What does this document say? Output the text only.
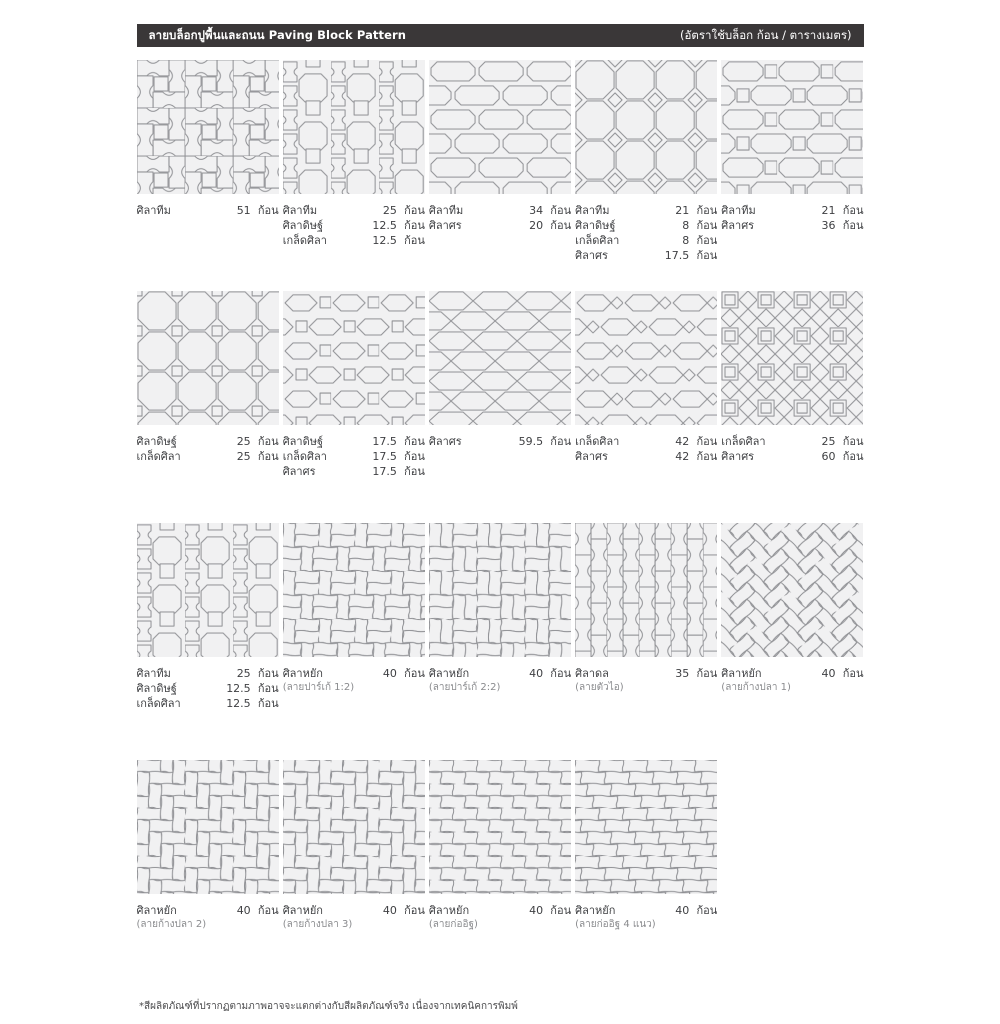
ลายบล็อกปูพื้นและถนน Paving Block Pattern	(อัตราใช้บล็อก ก้อน / ตารางเมตร)
ศิลาทีม	51 ก้อน ศิลาทีม	25 ก้อน
ศิลาดิษฐ์	12.5 ก้อน
เกล็ดศิลา	12.5 ก้อน
ศิลาทีม	34 ก้อน
ศิลาศร	20 ก้อน
ศิลาทีม	21 ก้อน
ศิลาดิษฐ์	8 ก้อน
เกล็ดศิลา	8 ก้อน
ศิลาศร	17.5 ก้อน
ศิลาทีม	21 ก้อน
ศิลาศร	36 ก้อน
ศิลาดิษฐ์	25 ก้อน
เกล็ดศิลา	25 ก้อน
ศิลาดิษฐ์	17.5 ก้อน
เกล็ดศิลา	17.5 ก้อน
ศิลาศร	17.5 ก้อน
ศิลาศร	59.5 ก้อน เกล็ดศิลา	42 ก้อน
ศิลาศร	42 ก้อน
เกล็ดศิลา	25 ก้อน
ศิลาศร	60 ก้อน
ศิลาทีม	25 ก้อน
ศิลาดิษฐ์	12.5 ก้อน
เกล็ดศิลา	12.5 ก้อน
ศิลาหยัก	40 ก้อน
(ลายปาร์เก้ 1:2)
ศิลาหยัก	40 ก้อน
(ลายปาร์เก้ 2:2)
ศิลาดล	35 ก้อน
(ลายตัวไอ)
ศิลาหยัก	40 ก้อน
(ลายก้างปลา 1)
ศิลาหยัก	40 ก้อน
(ลายก้างปลา 2)
ศิลาหยัก	40 ก้อน
(ลายก้างปลา 3)
ศิลาหยัก	40 ก้อน
(ลายก่ออิฐ)
ศิลาหยัก	40 ก้อน
(ลายก่ออิฐ 4 แนว)
*สีผลิตภัณฑ์ที่ปรากฏตามภาพอาจจะแตกต่างกับสีผลิตภัณฑ์จริง เนื่องจากเทคนิคการพิมพ์
